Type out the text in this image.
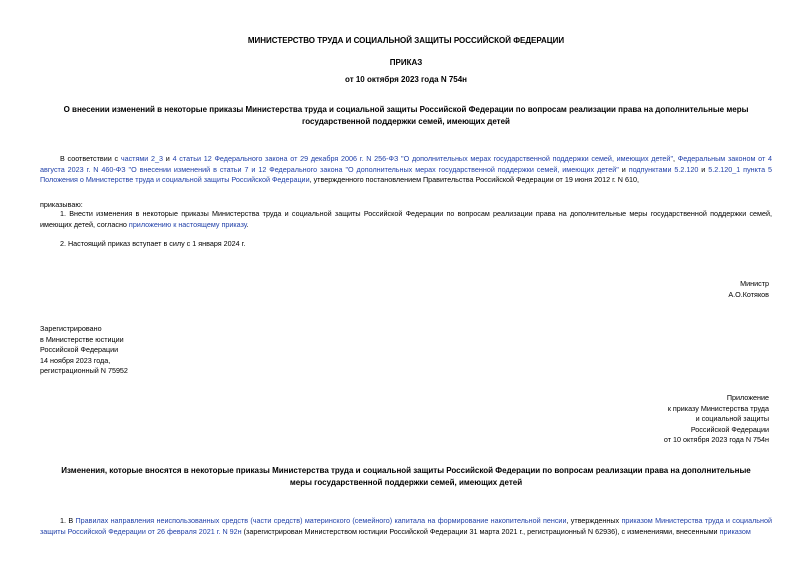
МИНИСТЕРСТВО ТРУДА И СОЦИАЛЬНОЙ ЗАЩИТЫ РОССИЙСКОЙ ФЕДЕРАЦИИ
ПРИКАЗ
от 10 октября 2023 года N 754н
О внесении изменений в некоторые приказы Министерства труда и социальной защиты Российской Федерации по вопросам реализации права на дополнительные меры государственной поддержки семей, имеющих детей
В соответствии с частями 2_3 и 4 статьи 12 Федерального закона от 29 декабря 2006 г. N 256-ФЗ "О дополнительных мерах государственной поддержки семей, имеющих детей", Федеральным законом от 4 августа 2023 г. N 460-ФЗ "О внесении изменений в статьи 7 и 12 Федерального закона "О дополнительных мерах государственной поддержки семей, имеющих детей" и подпунктами 5.2.120 и 5.2.120_1 пункта 5 Положения о Министерстве труда и социальной защиты Российской Федерации, утвержденного постановлением Правительства Российской Федерации от 19 июня 2012 г. N 610,
приказываю:
1. Внести изменения в некоторые приказы Министерства труда и социальной защиты Российской Федерации по вопросам реализации права на дополнительные меры государственной поддержки семей, имеющих детей, согласно приложению к настоящему приказу.
2. Настоящий приказ вступает в силу с 1 января 2024 г.
Министр
А.О.Котяков
Зарегистрировано
в Министерстве юстиции
Российской Федерации
14 ноября 2023 года,
регистрационный N 75952
Приложение
к приказу Министерства труда
и социальной защиты
Российской Федерации
от 10 октября 2023 года N 754н
Изменения, которые вносятся в некоторые приказы Министерства труда и социальной защиты Российской Федерации по вопросам реализации права на дополнительные меры государственной поддержки семей, имеющих детей
1. В Правилах направления неиспользованных средств (части средств) материнского (семейного) капитала на формирование накопительной пенсии, утвержденных приказом Министерства труда и социальной защиты Российской Федерации от 26 февраля 2021 г. N 92н (зарегистрирован Министерством юстиции Российской Федерации 31 марта 2021 г., регистрационный N 62936), с изменениями, внесенными приказом
